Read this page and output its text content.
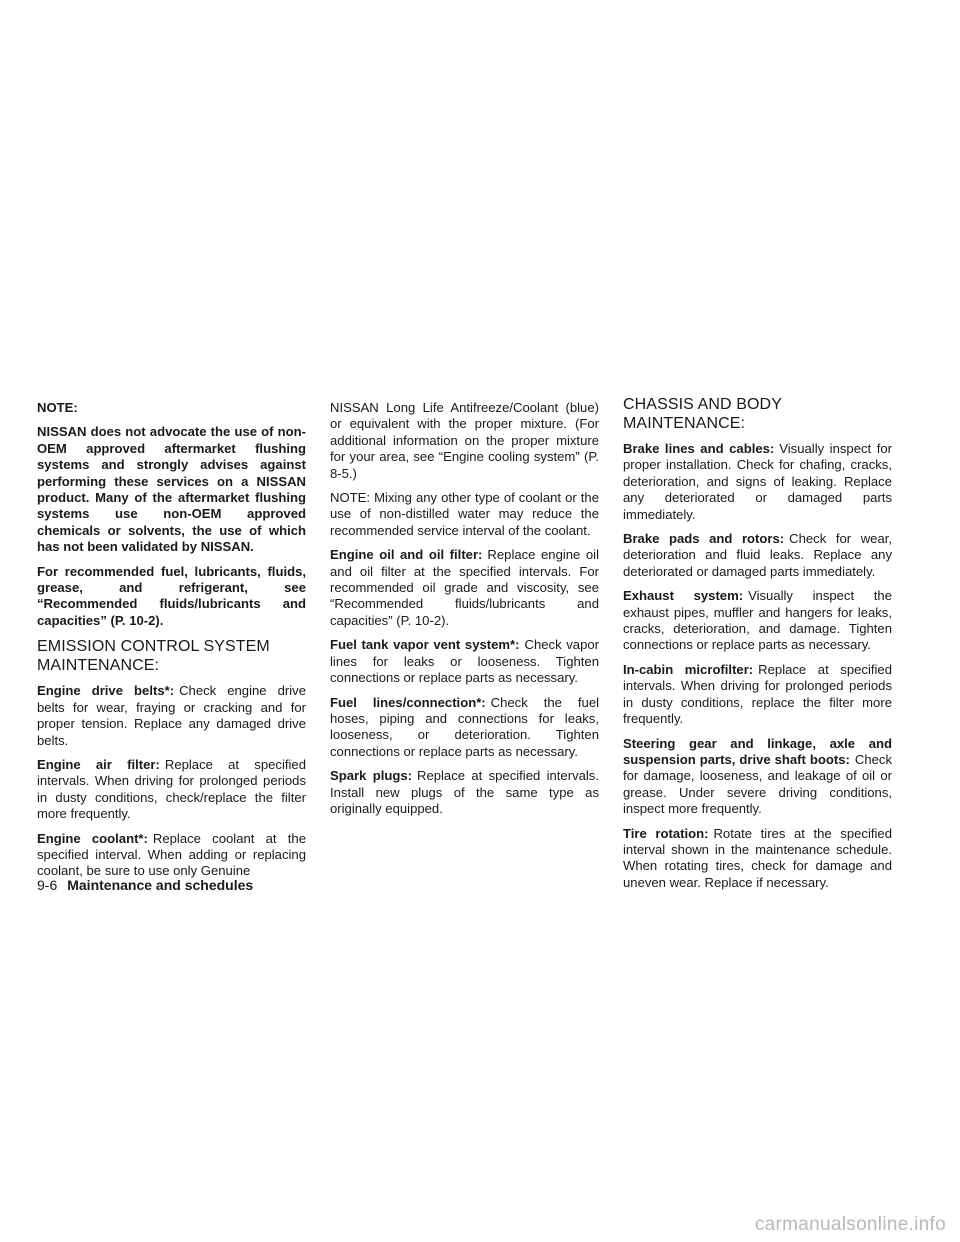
NOTE:

NISSAN does not advocate the use of non-OEM approved aftermarket flushing systems and strongly advises against performing these services on a NISSAN product. Many of the aftermarket flushing systems use non-OEM approved chemicals or solvents, the use of which has not been validated by NISSAN.

For recommended fuel, lubricants, fluids, grease, and refrigerant, see “Recommended fluids/lubricants and capacities” (P. 10-2).

EMISSION CONTROL SYSTEM MAINTENANCE:

Engine drive belts*: Check engine drive belts for wear, fraying or cracking and for proper tension. Replace any damaged drive belts.

Engine air filter: Replace at specified intervals. When driving for prolonged periods in dusty conditions, check/replace the filter more frequently.

Engine coolant*: Replace coolant at the specified interval. When adding or replacing coolant, be sure to use only Genuine

NISSAN Long Life Antifreeze/Coolant (blue) or equivalent with the proper mixture. (For additional information on the proper mixture for your area, see “Engine cooling system” (P. 8-5.)

NOTE: Mixing any other type of coolant or the use of non-distilled water may reduce the recommended service interval of the coolant.

Engine oil and oil filter: Replace engine oil and oil filter at the specified intervals. For recommended oil grade and viscosity, see “Recommended fluids/lubricants and capacities” (P. 10-2).

Fuel tank vapor vent system*: Check vapor lines for leaks or looseness. Tighten connections or replace parts as necessary.

Fuel lines/connection*: Check the fuel hoses, piping and connections for leaks, looseness, or deterioration. Tighten connections or replace parts as necessary.

Spark plugs: Replace at specified intervals. Install new plugs of the same type as originally equipped.

CHASSIS AND BODY MAINTENANCE:

Brake lines and cables: Visually inspect for proper installation. Check for chafing, cracks, deterioration, and signs of leaking. Replace any deteriorated or damaged parts immediately.

Brake pads and rotors: Check for wear, deterioration and fluid leaks. Replace any deteriorated or damaged parts immediately.

Exhaust system: Visually inspect the exhaust pipes, muffler and hangers for leaks, cracks, deterioration, and damage. Tighten connections or replace parts as necessary.

In-cabin microfilter: Replace at specified intervals. When driving for prolonged periods in dusty conditions, replace the filter more frequently.

Steering gear and linkage, axle and suspension parts, drive shaft boots: Check for damage, looseness, and leakage of oil or grease. Under severe driving conditions, inspect more frequently.

Tire rotation: Rotate tires at the specified interval shown in the maintenance schedule. When rotating tires, check for damage and uneven wear. Replace if necessary.

9-6 Maintenance and schedules
carmanualsonline.info
